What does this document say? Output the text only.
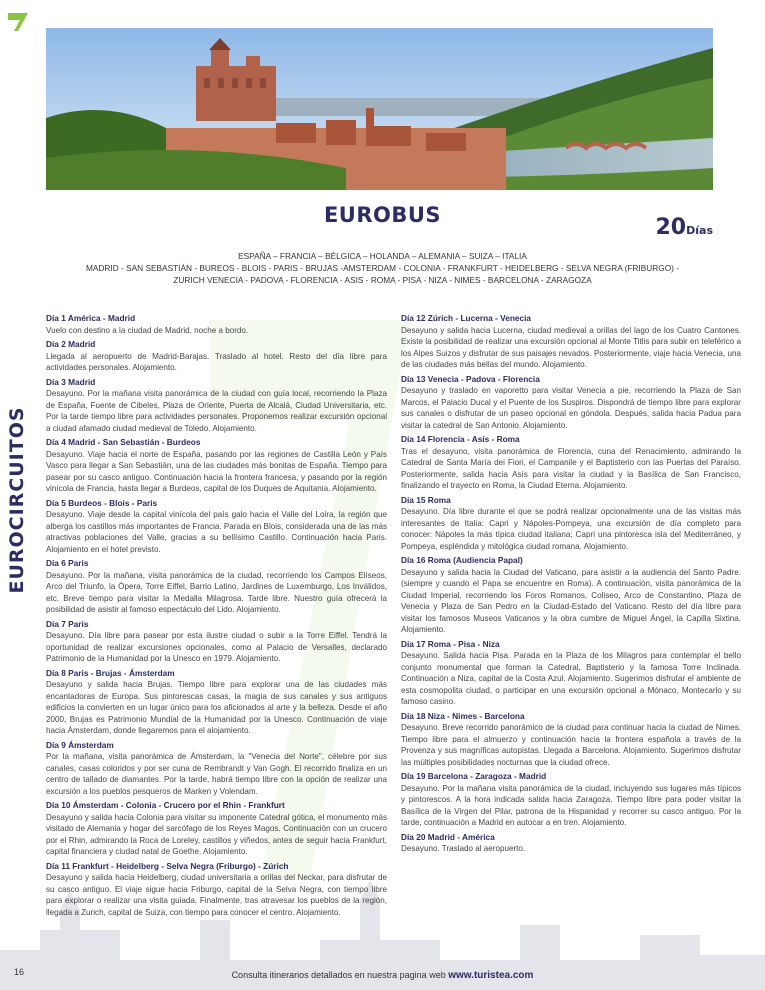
EUROBUS	20Días
ESPAÑA – FRANCIA – BÉLGICA – HOLANDA – ALEMANIA – SUIZA – ITALIA
MADRID - SAN SEBASTIÁN - BUREOS - BLOIS - PARIS - BRUJAS -AMSTERDAM - COLONIA - FRANKFURT - HEIDELBERG - SELVA NEGRA (FRIBURGO) - ZURICH VENECIA - PADOVA - FLORENCIA - ASIS - ROMA - PISA - NIZA - NIMES - BARCELONA - ZARAGOZA
EUROCIRCUITOS
Día 1 América - Madrid

Vuelo con destino a la ciudad de Madrid, noche a bordo.

Día 2 Madrid

Llegada al aeropuerto de Madrid-Barajas. Traslado al hotel. Resto del día libre para actividades personales. Alojamiento.

Día 3 Madrid

Desayuno. Por la mañana visita panorámica de la ciudad con guía local, recorriendo la Plaza de España, Fuente de Cibeles, Plaza de Oriente, Puerta de Alcalá, Ciudad Universitaria, etc. Por la tarde tiempo libre para actividades personales. Proponemos realizar excursión opcional a ciudad afamado ciudad medieval de Toledo. Alojamiento.

Día 4 Madrid - San Sebastián - Burdeos

Desayuno. Viaje hacia el norte de España, pasando por las regiones de Castilla León y País Vasco para llegar a San Sebastián, una de las ciudades más bonitas de España. Tiempo para pasear por su casco antiguo. Continuación hacia la frontera francesa, y pasando por la región vinícola de Francia, hasta llegar a Burdeos, capital de los Duques de Aquitania. Alojamiento.

Día 5 Burdeos - Blois - Paris

Desayuno. Viaje desde la capital vinícola del país galo hacia el Valle del Loira, la región que alberga los castillos más importantes de Francia. Parada en Blois, considerada una de las más atractivas poblaciones del Valle, gracias a su bellísimo Castillo. Continuación hacia Paris. Alojamiento en el hotel previsto.

Día 6 Paris

Desayuno. Por la mañana, visita panorámica de la ciudad, recorriendo los Campos Elíseos, Arco del Triunfo, la Ópera, Torre Eiffel, Barrio Latino, Jardines de Luxemburgo, Los Inválidos, etc. Breve tiempo para visitar la Medalla Milagrosa. Tarde libre. Nuestro guía ofrecerá la posibilidad de asistir al famoso espectáculo del Lido. Alojamiento.

Día 7 Paris

Desayuno. Día libre para pasear por esta ilustre ciudad o subir a la Torre Eiffel. Tendrá la oportunidad de realizar excursiones opcionales, como al Palacio de Versalles, declarado Patrimonio de la Humanidad por la Unesco en 1979. Alojamiento.

Día 8 Paris - Brujas - Ámsterdam

Desayuno y salida hacia Brujas. Tiempo libre para explorar una de las ciudades más encantadoras de Europa. Sus pintorescas casas, la magia de sus canales y sus antiguos edificios la convierten en un lugar único para los aficionados al arte y la belleza. Desde el año 2000, Brujas es Patrimonio Mundial de la Humanidad por la Unesco. Continuación de viaje hacia Ámsterdam, donde llegaremos para el alojamiento.

Día 9 Ámsterdam

Por la mañana, visita panorámica de Ámsterdam, la "Venecia del Norte", célebre por sus canales, casas coloridos y por ser cuna de Rembrandt y Van Gogh. El recorrido finaliza en un centro de tallado de diamantes. Por la tarde, habrá tiempo libre con la opción de realizar una excursión a los pueblos pesqueros de Marken y Volendam.

Día 10 Ámsterdam - Colonia - Crucero por el Rhin - Frankfurt

Desayuno y salida hacia Colonia para visitar su imponente Catedral gótica, el monumento más visitado de Alemania y hogar del sarcófago de los Reyes Magos. Continuación con un crucero por el Rhin, admirando la Roca de Loreley, castillos y viñedos, antes de seguir hacia Frankfurt, capital financiera y ciudad natal de Goethe. Alojamiento.

Día 11 Frankfurt - Heidelberg - Selva Negra (Friburgo) - Zúrich

Desayuno y salida hacia Heidelberg, ciudad universitaria a orillas del Neckar, para disfrutar de su casco antiguo. El viaje sigue hacia Friburgo, capital de la Selva Negra, con tiempo libre para explorar o realizar una visita guiada. Finalmente, tras atravesar los pueblos de la región, llegada a Zurich, capital de Suiza, con tiempo para conocer el centro. Alojamiento.

Día 12 Zúrich - Lucerna - Venecia

Desayuno y salida hacia Lucerna, ciudad medieval a orillas del lago de los Cuatro Cantones. Existe la posibilidad de realizar una excursión opcional al Monte Titlis para subir en teleférico a los Alpes Suizos y disfrutar de sus paisajes nevados. Posteriormente, viaje hacia Venecia, una de las ciudades más bellas del mundo. Alojamiento.

Día 13 Venecia - Padova - Florencia

Desayuno y traslado en vaporetto para visitar Venecia a pie, recorriendo la Plaza de San Marcos, el Palacio Ducal y el Puente de los Suspiros. Dispondrá de tiempo libre para explorar sus canales o disfrutar de un paseo opcional en góndola. Después, salida hacia Padua para visitar la catedral de San Antonio. Alojamiento.

Día 14 Florencia - Asís - Roma

Tras el desayuno, visita panorámica de Florencia, cuna del Renacimiento, admirando la Catedral de Santa María dei Fiori, el Campanile y el Baptisterio con las Puertas del Paraíso. Posteriormente, salida hacia Asís para visitar la ciudad y la Basílica de San Francisco, finalizando el trayecto en Roma, la Ciudad Eterna. Alojamiento.

Día 15 Roma

Desayuno. Día libre durante el que se podrá realizar opcionalmente una de las visitas más interesantes de Italia: Capri y Nápoles-Pompeya, una excursión de día completo para conocer: Nápoles la más típica ciudad italiana; Capri una pintoresca isla del Mediterráneo, y Pompeya, espléndida y mitológica ciudad romana. Alojamiento.

Día 16 Roma (Audiencia Papal)

Desayuno y salida hacia la Ciudad del Vaticano, para asistir a la audiencia del Santo Padre. (siempre y cuando el Papa se encuentre en Roma). A continuación, visita panorámica de la Ciudad Imperial, recorriendo los Foros Romanos, Coliseo, Arco de Constantino, Plaza de Venecia y Plaza de San Pedro en la Ciudad-Estado del Vaticano. Resto del día libre para visitar los famosos Museos Vaticanos y la obra cumbre de Miguel Ángel, la Capilla Sixtina. Alojamiento.

Día 17 Roma - Pisa - Niza

Desayuno. Salida hacia Pisa. Parada en la Plaza de los Milagros para contemplar el bello conjunto monumental que forman la Catedral, Baptisterio y la famosa Torre Inclinada. Continuación a Niza, capital de la Costa Azul. Alojamiento. Sugerimos disfrutar el ambiente de esta cosmopolita ciudad, o participar en una excursión opcional a Mónaco, Montecarlo y su famoso casino.

Día 18 Niza - Nimes - Barcelona

Desayuno. Breve recorrido panorámico de la ciudad para continuar hacia la ciudad de Nimes. Tiempo libre para el almuerzo y continuación hacia la frontera española a través de la Provenza y sus magníficas autopistas. Llegada a Barcelona. Alojamiento. Sugerimos disfrutar las múltiples posibilidades nocturnas que la ciudad ofrece.

Día 19 Barcelona - Zaragoza - Madrid

Desayuno. Por la mañana visita panorámica de la ciudad, incluyendo sus lugares más típicos y pintorescos. A la hora indicada salida hacia Zaragoza. Tiempo libre para poder visitar la Basílica de la Virgen del Pilar, patrona de la Hispanidad y recorrer su casco antiguo. Por la tarde, continuación a Madrid en autocar a en tren. Alojamiento.

Día 20 Madrid - América

Desayuno. Traslado al aeropuerto.

16	Consulta itinerarios detallados en nuestra pagina web www.turistea.com
